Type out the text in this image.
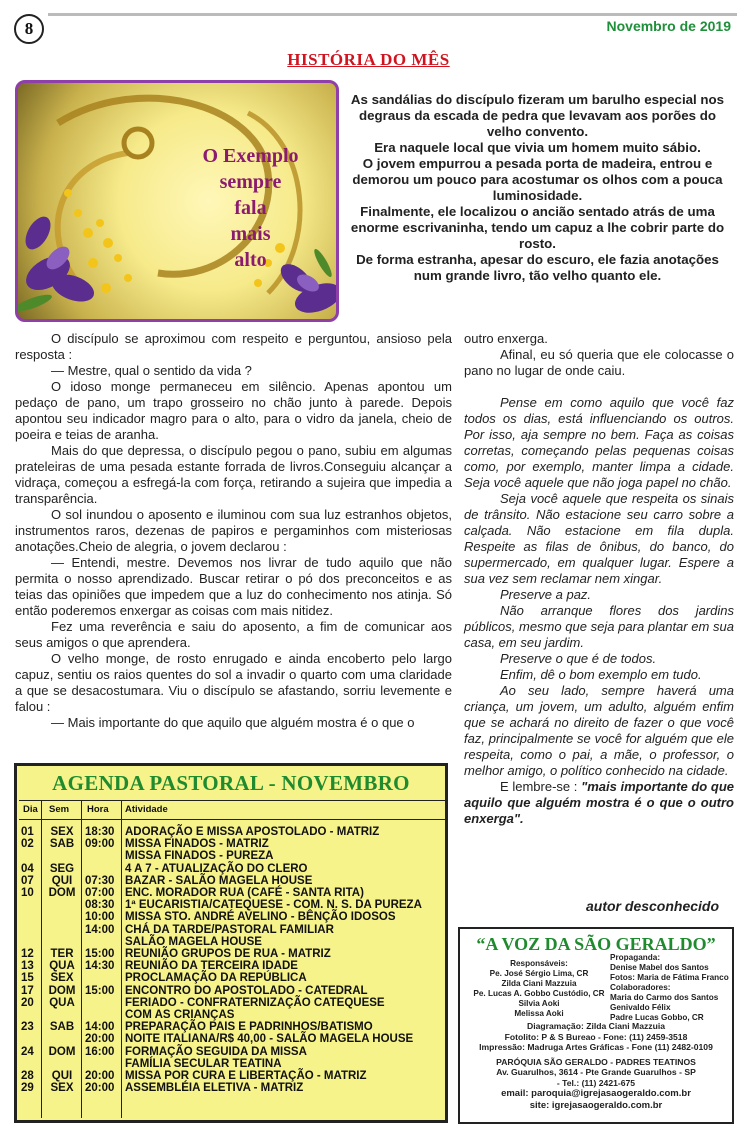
8	Novembro de 2019
HISTÓRIA DO MÊS
O Exemplo
sempre
fala
mais
alto

As sandálias do discípulo fizeram um barulho especial nos degraus da escada de pedra que levavam aos porões do velho convento.

Era naquele local que vivia um homem muito sábio.

O jovem empurrou a pesada porta de madeira, entrou e demorou um pouco para acostumar os olhos com a pouca luminosidade.

Finalmente, ele localizou o ancião sentado atrás de uma enorme escrivaninha, tendo um capuz a lhe cobrir parte do rosto.

De forma estranha, apesar do escuro, ele fazia anotações num grande livro, tão velho quanto ele.

O discípulo se aproximou com respeito e perguntou, ansioso pela resposta :

— Mestre, qual o sentido da vida ?

O idoso monge permaneceu em silêncio. Apenas apontou um pedaço de pano, um trapo grosseiro no chão junto à parede. Depois apontou seu indicador magro para o alto, para o vidro da janela, cheio de poeira e teias de aranha.

Mais do que depressa, o discípulo pegou o pano, subiu em algumas prateleiras de uma pesada estante forrada de livros.Conseguiu alcançar a vidraça, começou a esfregá-la com força, retirando a sujeira que impedia a transparência.

O sol inundou o aposento e iluminou com sua luz estranhos objetos, instrumentos raros, dezenas de papiros e pergaminhos com misteriosas anotações.Cheio de alegria, o jovem declarou :

— Entendi, mestre. Devemos nos livrar de tudo aquilo que não permita o nosso aprendizado. Buscar retirar o pó dos preconceitos e as teias das opiniões que impedem que a luz do conhecimento nos atinja. Só então poderemos enxergar as coisas com mais nitidez.

Fez uma reverência e saiu do aposento, a fim de comunicar aos seus amigos o que aprendera.

O velho monge, de rosto enrugado e ainda encoberto pelo largo capuz, sentiu os raios quentes do sol a invadir o quarto com uma claridade a que se desacostumara. Viu o discípulo se afastando, sorriu levemente e falou :

— Mais importante do que aquilo que alguém mostra é o que o

outro enxerga.

Afinal, eu só queria que ele colocasse o pano no lugar de onde caiu.

Pense em como aquilo que você faz todos os dias, está influenciando os outros. Por isso, aja sempre no bem. Faça as coisas corretas, começando pelas pequenas coisas como, por exemplo, manter limpa a cidade. Seja você aquele que não joga papel no chão.

Seja você aquele que respeita os sinais de trânsito. Não estacione seu carro sobre a calçada. Não estacione em fila dupla. Respeite as filas de ônibus, do banco, do supermercado, em qualquer lugar. Espere a sua vez sem reclamar nem xingar.

Preserve a paz.

Não arranque flores dos jardins públicos, mesmo que seja para plantar em sua casa, em seu jardim.

Preserve o que é de todos.

Enfim, dê o bom exemplo em tudo.

Ao seu lado, sempre haverá uma criança, um jovem, um adulto, alguém enfim que se achará no direito de fazer o que você faz, principalmente se você for alguém que ele respeita, como o pai, a mãe, o professor, o melhor amigo, o político conhecido na cidade.

E lembre-se : "mais importante do que aquilo que alguém mostra é o que o outro enxerga".

autor desconhecido
AGENDA PASTORAL - NOVEMBRO
Dia Sem Hora Atividade
01	SEX	18:30 ADORAÇÃO E MISSA APOSTOLADO - MATRIZ
02	SAB 09:00 MISSA FINADOS - MATRIZ
MISSA FINADOS - PUREZA
04	SEG	4 A 7 - ATUALIZAÇÃO DO CLERO
07	QUI	07:30 BAZAR - SALÃO MAGELA HOUSE
10	DOM 07:00 ENC. MORADOR RUA (CAFÉ - SANTA RITA)
08:30 1ª EUCARISTIA/CATEQUESE - COM. N. S. DA PUREZA
10:00 MISSA STO. ANDRÉ AVELINO - BÊNÇÃO IDOSOS
14:00 CHÁ DA TARDE/PASTORAL FAMILIAR
SALÃO MAGELA HOUSE
12	TER	15:00 REUNIÃO GRUPOS DE RUA - MATRIZ
13	QUA 14:30 REUNIÃO DA TERCEIRA IDADE
15	SEX	PROCLAMAÇÃO DA REPÚBLICA
17	DOM 15:00 ENCONTRO DO APOSTOLADO - CATEDRAL
20	QUA	FERIADO - CONFRATERNIZAÇÃO CATEQUESE
COM AS CRIANÇAS
23	SAB 14:00 PREPARAÇÃO PAIS E PADRINHOS/BATISMO
20:00 NOITE ITALIANA/R$ 40,00 - SALÃO MAGELA HOUSE
24	DOM 16:00 FORMAÇÃO SEGUIDA DA MISSA
FAMÍLIA SECULAR TEATINA
28	QUI	20:00 MISSA POR CURA E LIBERTAÇÃO - MATRIZ
29	SEX	20:00 ASSEMBLÉIA ELETIVA - MATRIZ
“A VOZ DA SÃO GERALDO”
Responsáveis:
Pe. José Sérgio Lima, CR
Zilda Ciani Mazzuia
Pe. Lucas A. Gobbo Custódio, CR
Silvia Aoki
Melissa Aoki
Propaganda:
Denise Mabel dos Santos
Fotos: Maria de Fátima Franco
Colaboradores:
Maria do Carmo dos Santos
Genivaldo Félix
Padre Lucas Gobbo, CR
Diagramação: Zilda Ciani Mazzuia
Fotolito: P & S Bureao - Fone: (11) 2459-3518
Impressão: Madruga Artes Gráficas - Fone (11) 2482-0109
PARÓQUIA SÃO GERALDO - PADRES TEATINOS
Av. Guarulhos, 3614 - Pte Grande Guarulhos - SP
- Tel.: (11) 2421-675
email: paroquia@igrejasaogeraldo.com.br
site: igrejasaogeraldo.com.br
